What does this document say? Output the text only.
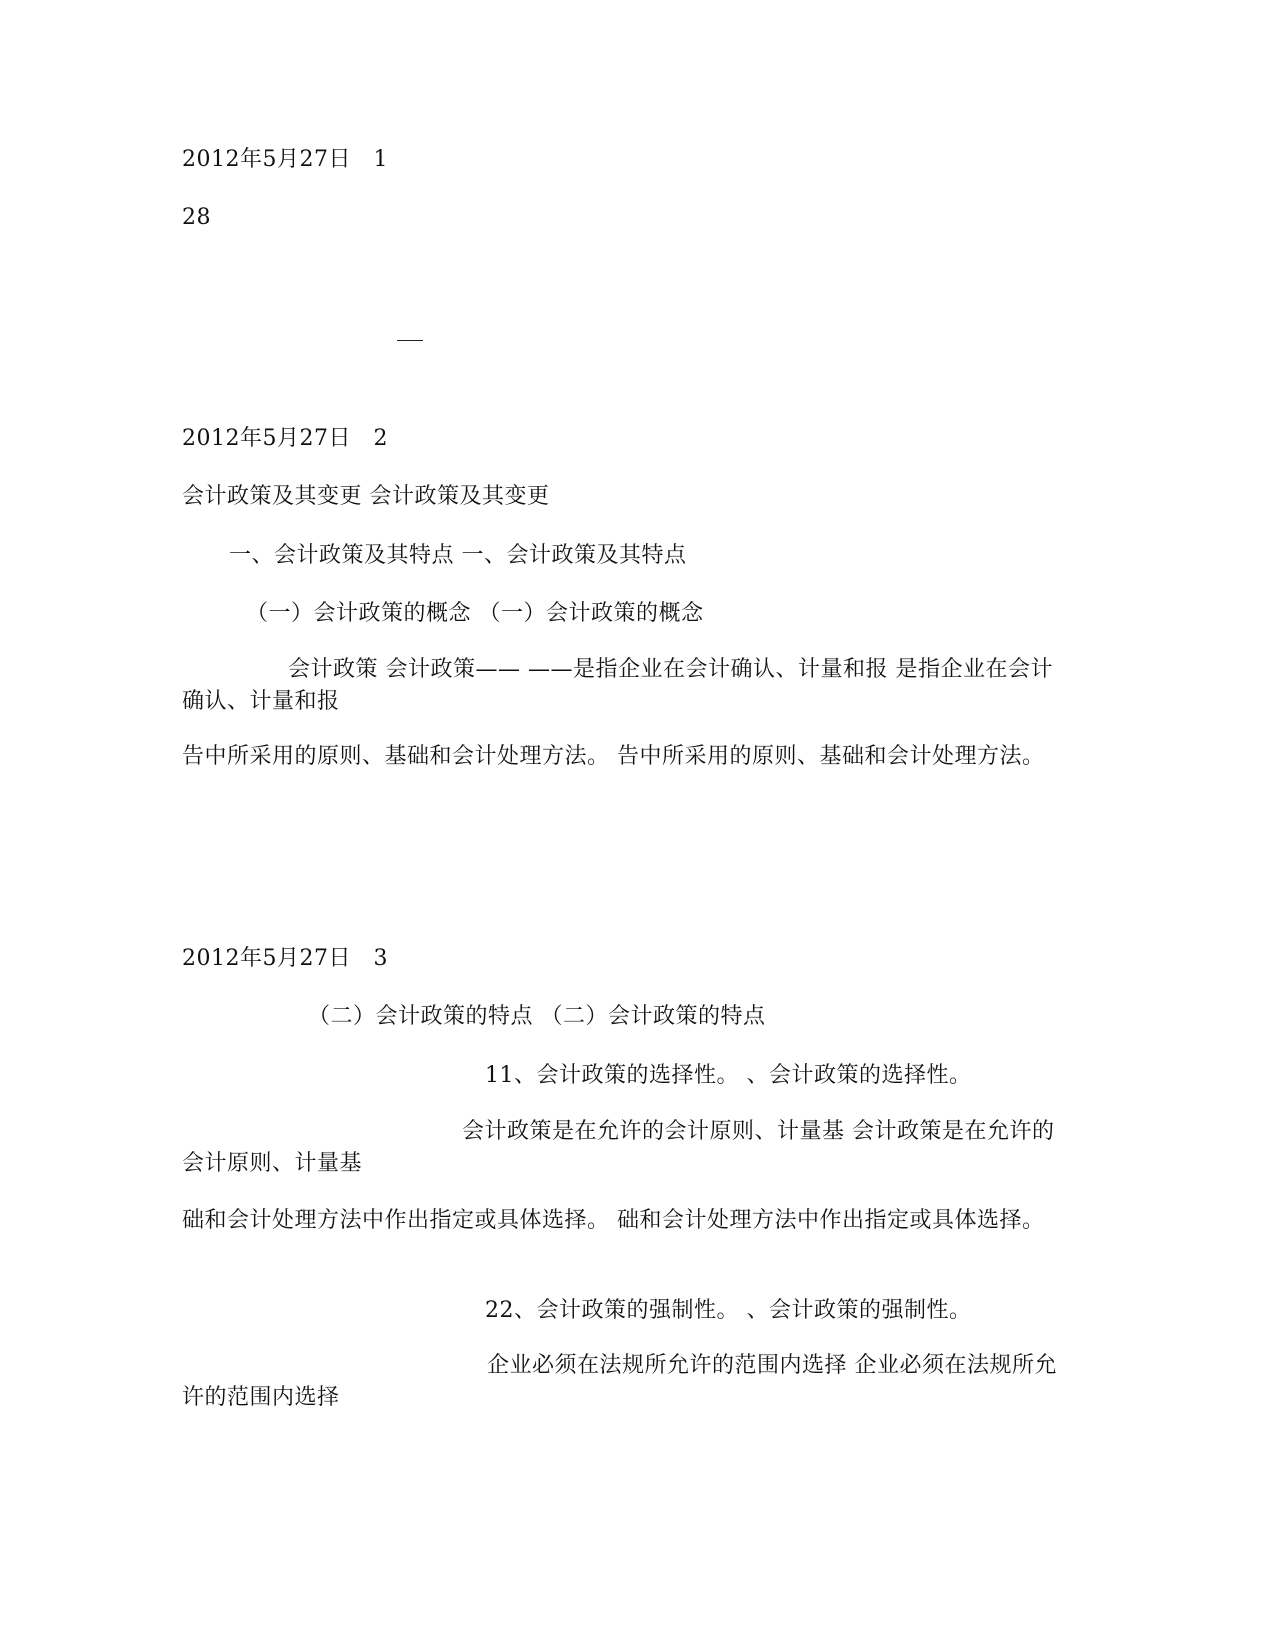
2012年5月27日　1
28
2012年5月27日　2
会计政策及其变更 会计政策及其变更
一、会计政策及其特点 一、会计政策及其特点
（一）会计政策的概念 （一）会计政策的概念
会计政策 会计政策—— ——是指企业在会计确认、计量和报 是指企业在会计确认、计量和报
告中所采用的原则、基础和会计处理方法。 告中所采用的原则、基础和会计处理方法。
2012年5月27日　3
（二）会计政策的特点 （二）会计政策的特点
11、会计政策的选择性。 、会计政策的选择性。
会计政策是在允许的会计原则、计量基 会计政策是在允许的会计原则、计量基
础和会计处理方法中作出指定或具体选择。 础和会计处理方法中作出指定或具体选择。
22、会计政策的强制性。 、会计政策的强制性。
企业必须在法规所允许的范围内选择 企业必须在法规所允许的范围内选择
